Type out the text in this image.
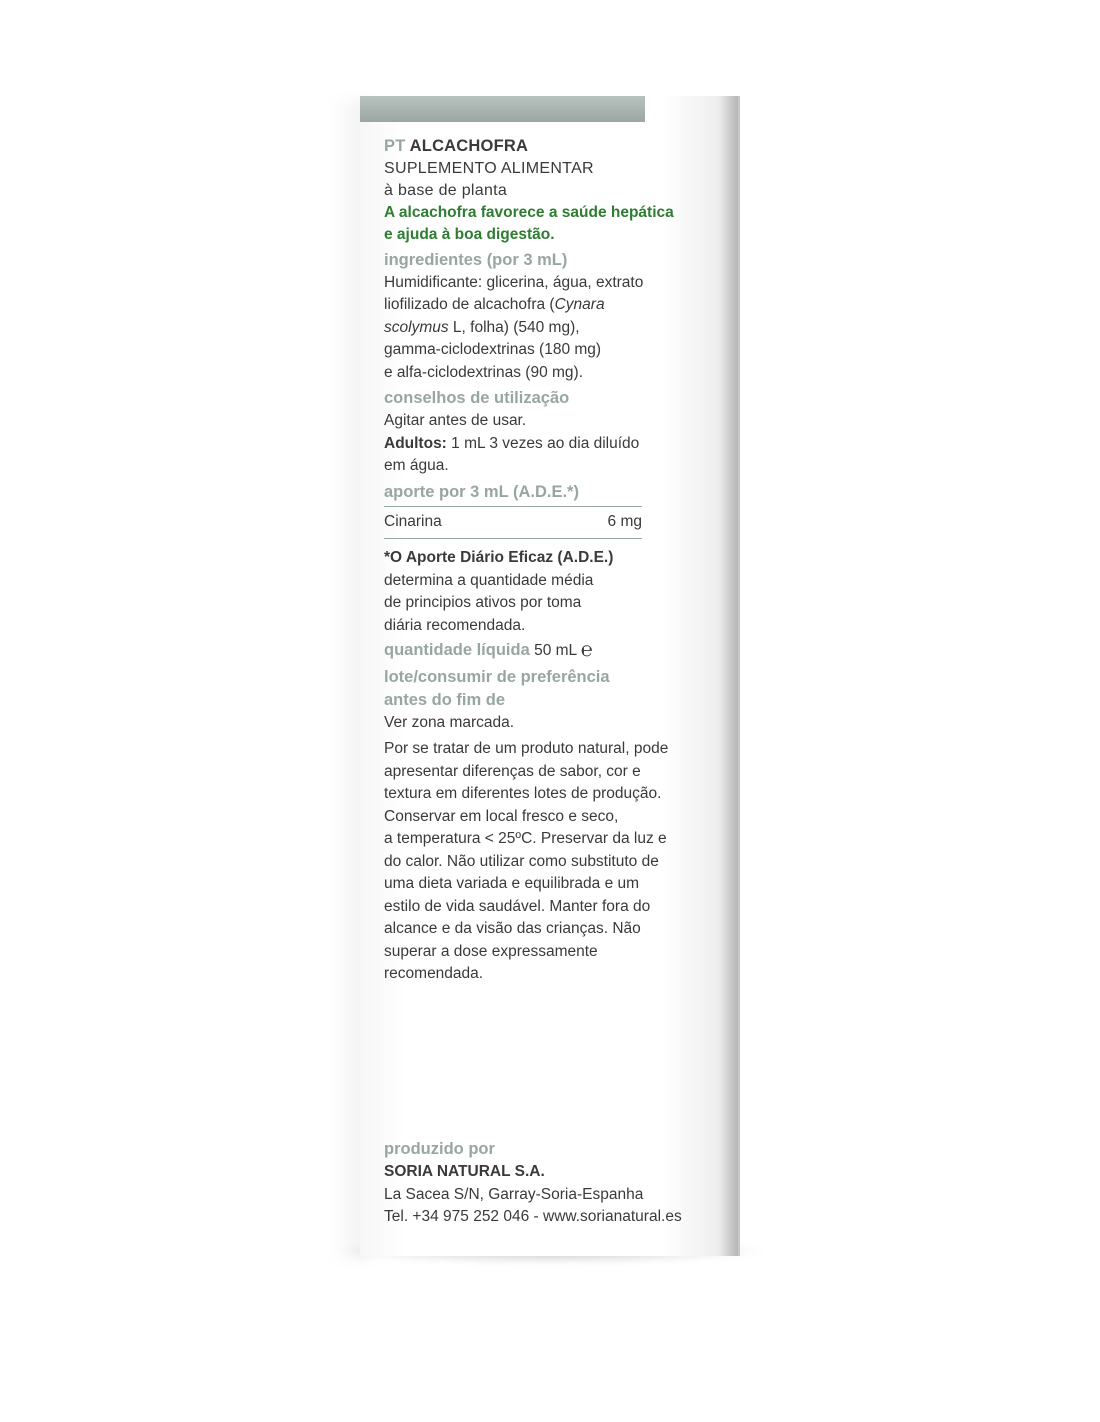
PT ALCACHOFRA
SUPLEMENTO ALIMENTAR
à base de planta
A alcachofra favorece a saúde hepática
e ajuda à boa digestão.
ingredientes (por 3 mL)
Humidificante: glicerina, água, extrato
liofilizado de alcachofra (Cynara
scolymus L, folha) (540 mg),
gamma-ciclodextrinas (180 mg)
e alfa-ciclodextrinas (90 mg).
conselhos de utilização
Agitar antes de usar.
Adultos: 1 mL 3 vezes ao dia diluído
em água.
aporte por 3 mL (A.D.E.*)
Cinarina	6 mg
*O Aporte Diário Eficaz (A.D.E.)
determina a quantidade média
de principios ativos por toma
diária recomendada.
quantidade líquida 50 mL ℮
lote/consumir de preferência
antes do fim de
Ver zona marcada.
Por se tratar de um produto natural, pode
apresentar diferenças de sabor, cor e
textura em diferentes lotes de produção.
Conservar em local fresco e seco,
a temperatura < 25ºC. Preservar da luz e
do calor. Não utilizar como substituto de
uma dieta variada e equilibrada e um
estilo de vida saudável. Manter fora do
alcance e da visão das crianças. Não
superar a dose expressamente
recomendada.
produzido por
SORIA NATURAL S.A.
La Sacea S/N, Garray-Soria-Espanha
Tel. +34 975 252 046 - www.sorianatural.es
